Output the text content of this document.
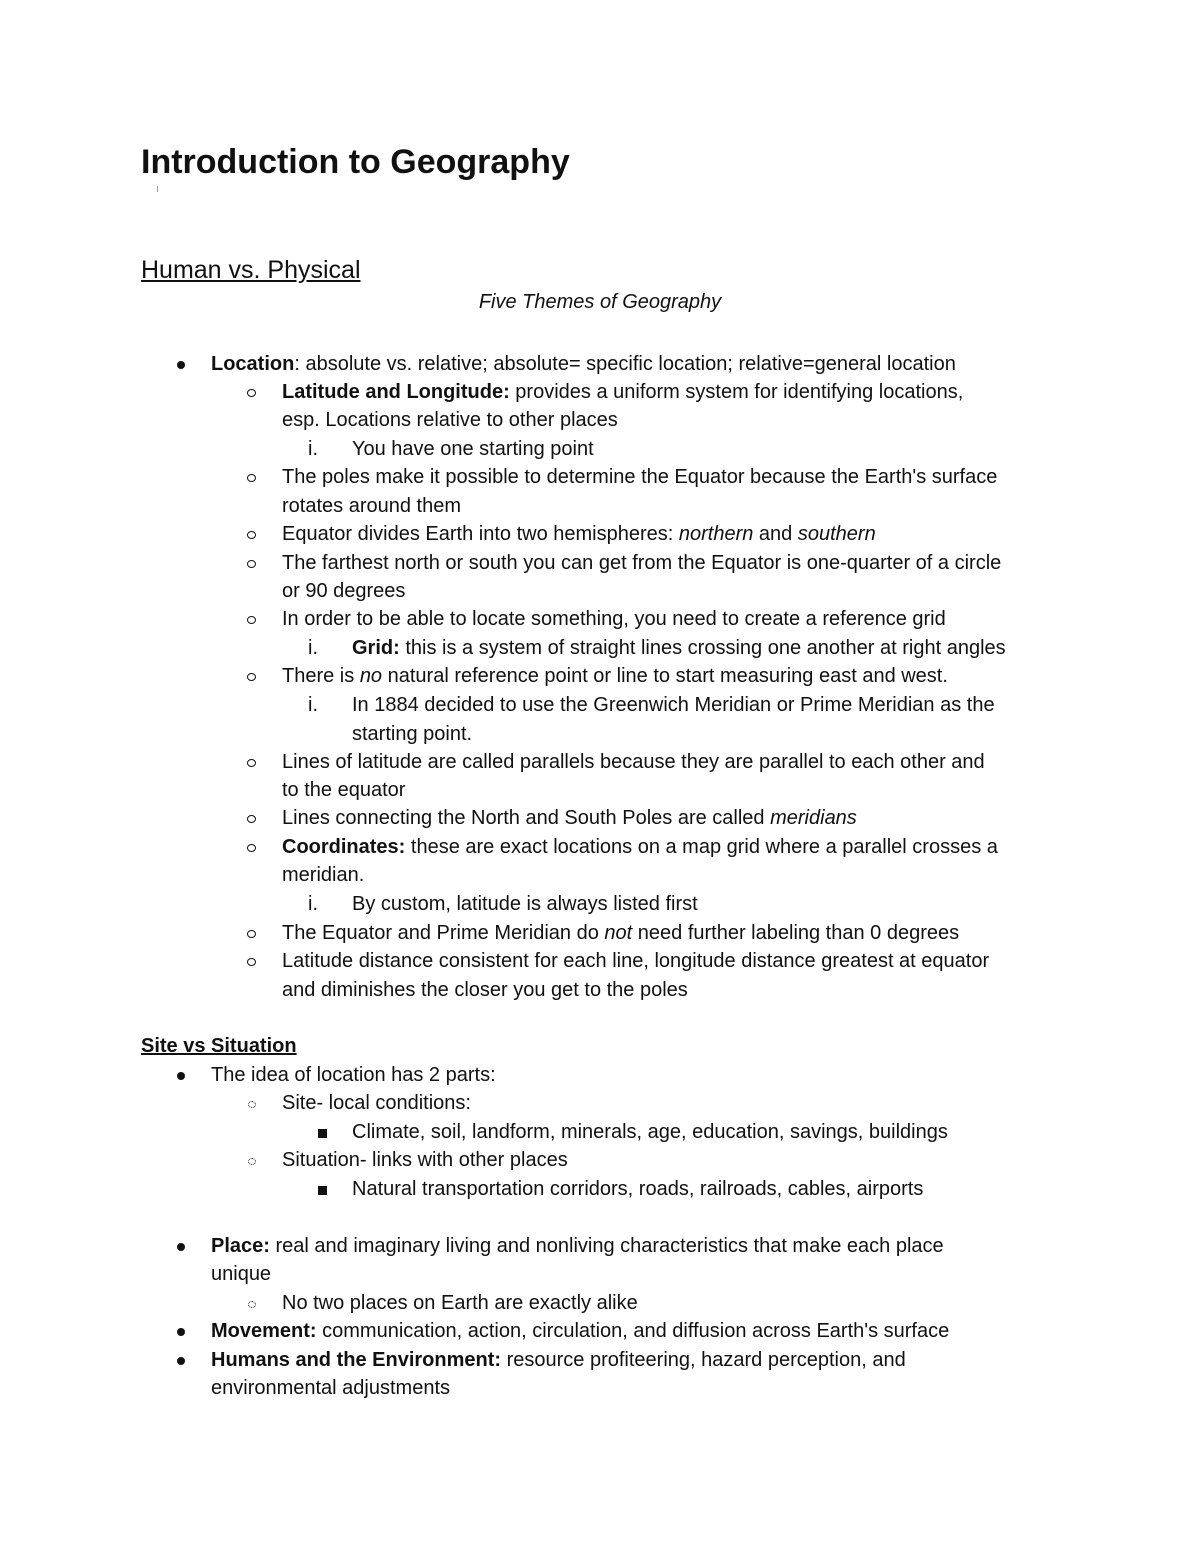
Introduction to Geography
Human vs. Physical
Five Themes of Geography
Location: absolute vs. relative; absolute= specific location; relative=general location
Latitude and Longitude: provides a uniform system for identifying locations,
esp. Locations relative to other places
i. You have one starting point
The poles make it possible to determine the Equator because the Earth's surface
rotates around them
Equator divides Earth into two hemispheres: northern and southern
The farthest north or south you can get from the Equator is one-quarter of a circle
or 90 degrees
In order to be able to locate something, you need to create a reference grid
i. Grid: this is a system of straight lines crossing one another at right angles
There is no natural reference point or line to start measuring east and west.
i. In 1884 decided to use the Greenwich Meridian or Prime Meridian as the
starting point.
Lines of latitude are called parallels because they are parallel to each other and
to the equator
Lines connecting the North and South Poles are called meridians
Coordinates: these are exact locations on a map grid where a parallel crosses a
meridian.
i. By custom, latitude is always listed first
The Equator and Prime Meridian do not need further labeling than 0 degrees
Latitude distance consistent for each line, longitude distance greatest at equator
and diminishes the closer you get to the poles
Site vs Situation
The idea of location has 2 parts:
Site- local conditions:
Climate, soil, landform, minerals, age, education, savings, buildings
Situation- links with other places
Natural transportation corridors, roads, railroads, cables, airports
Place: real and imaginary living and nonliving characteristics that make each place
unique
No two places on Earth are exactly alike
Movement: communication, action, circulation, and diffusion across Earth's surface
Humans and the Environment: resource profiteering, hazard perception, and
environmental adjustments
